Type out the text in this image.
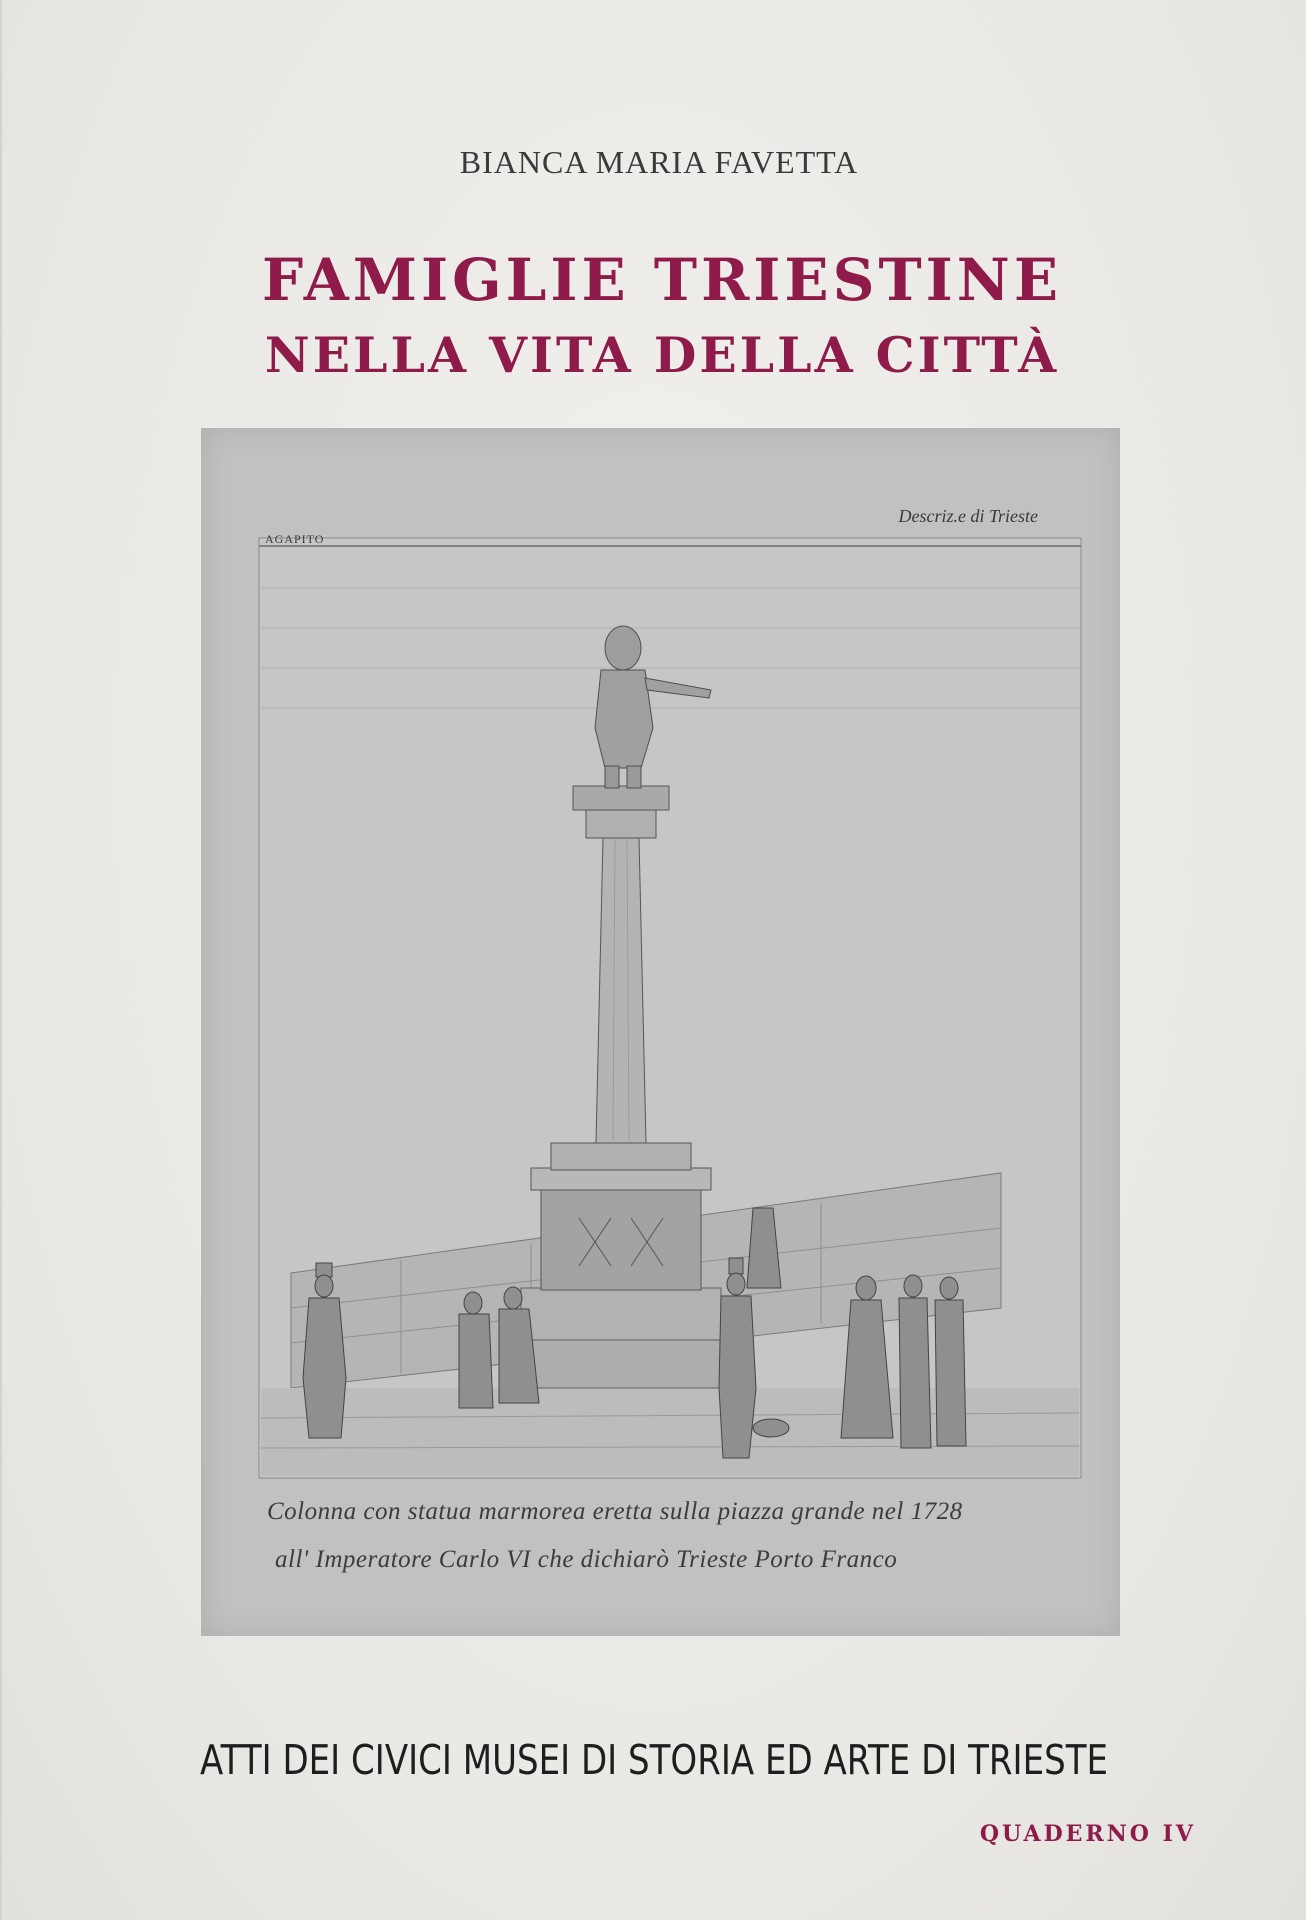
BIANCA MARIA FAVETTA
FAMIGLIE TRIESTINE
NELLA VITA DELLA CITTÀ
AGAPITO
Descriz.e di Trieste
Colonna con statua marmorea eretta sulla piazza grande nel 1728
all' Imperatore Carlo VI che dichiarò Trieste Porto Franco
ATTI DEI CIVICI MUSEI DI STORIA ED ARTE DI TRIESTE
QUADERNO IV
